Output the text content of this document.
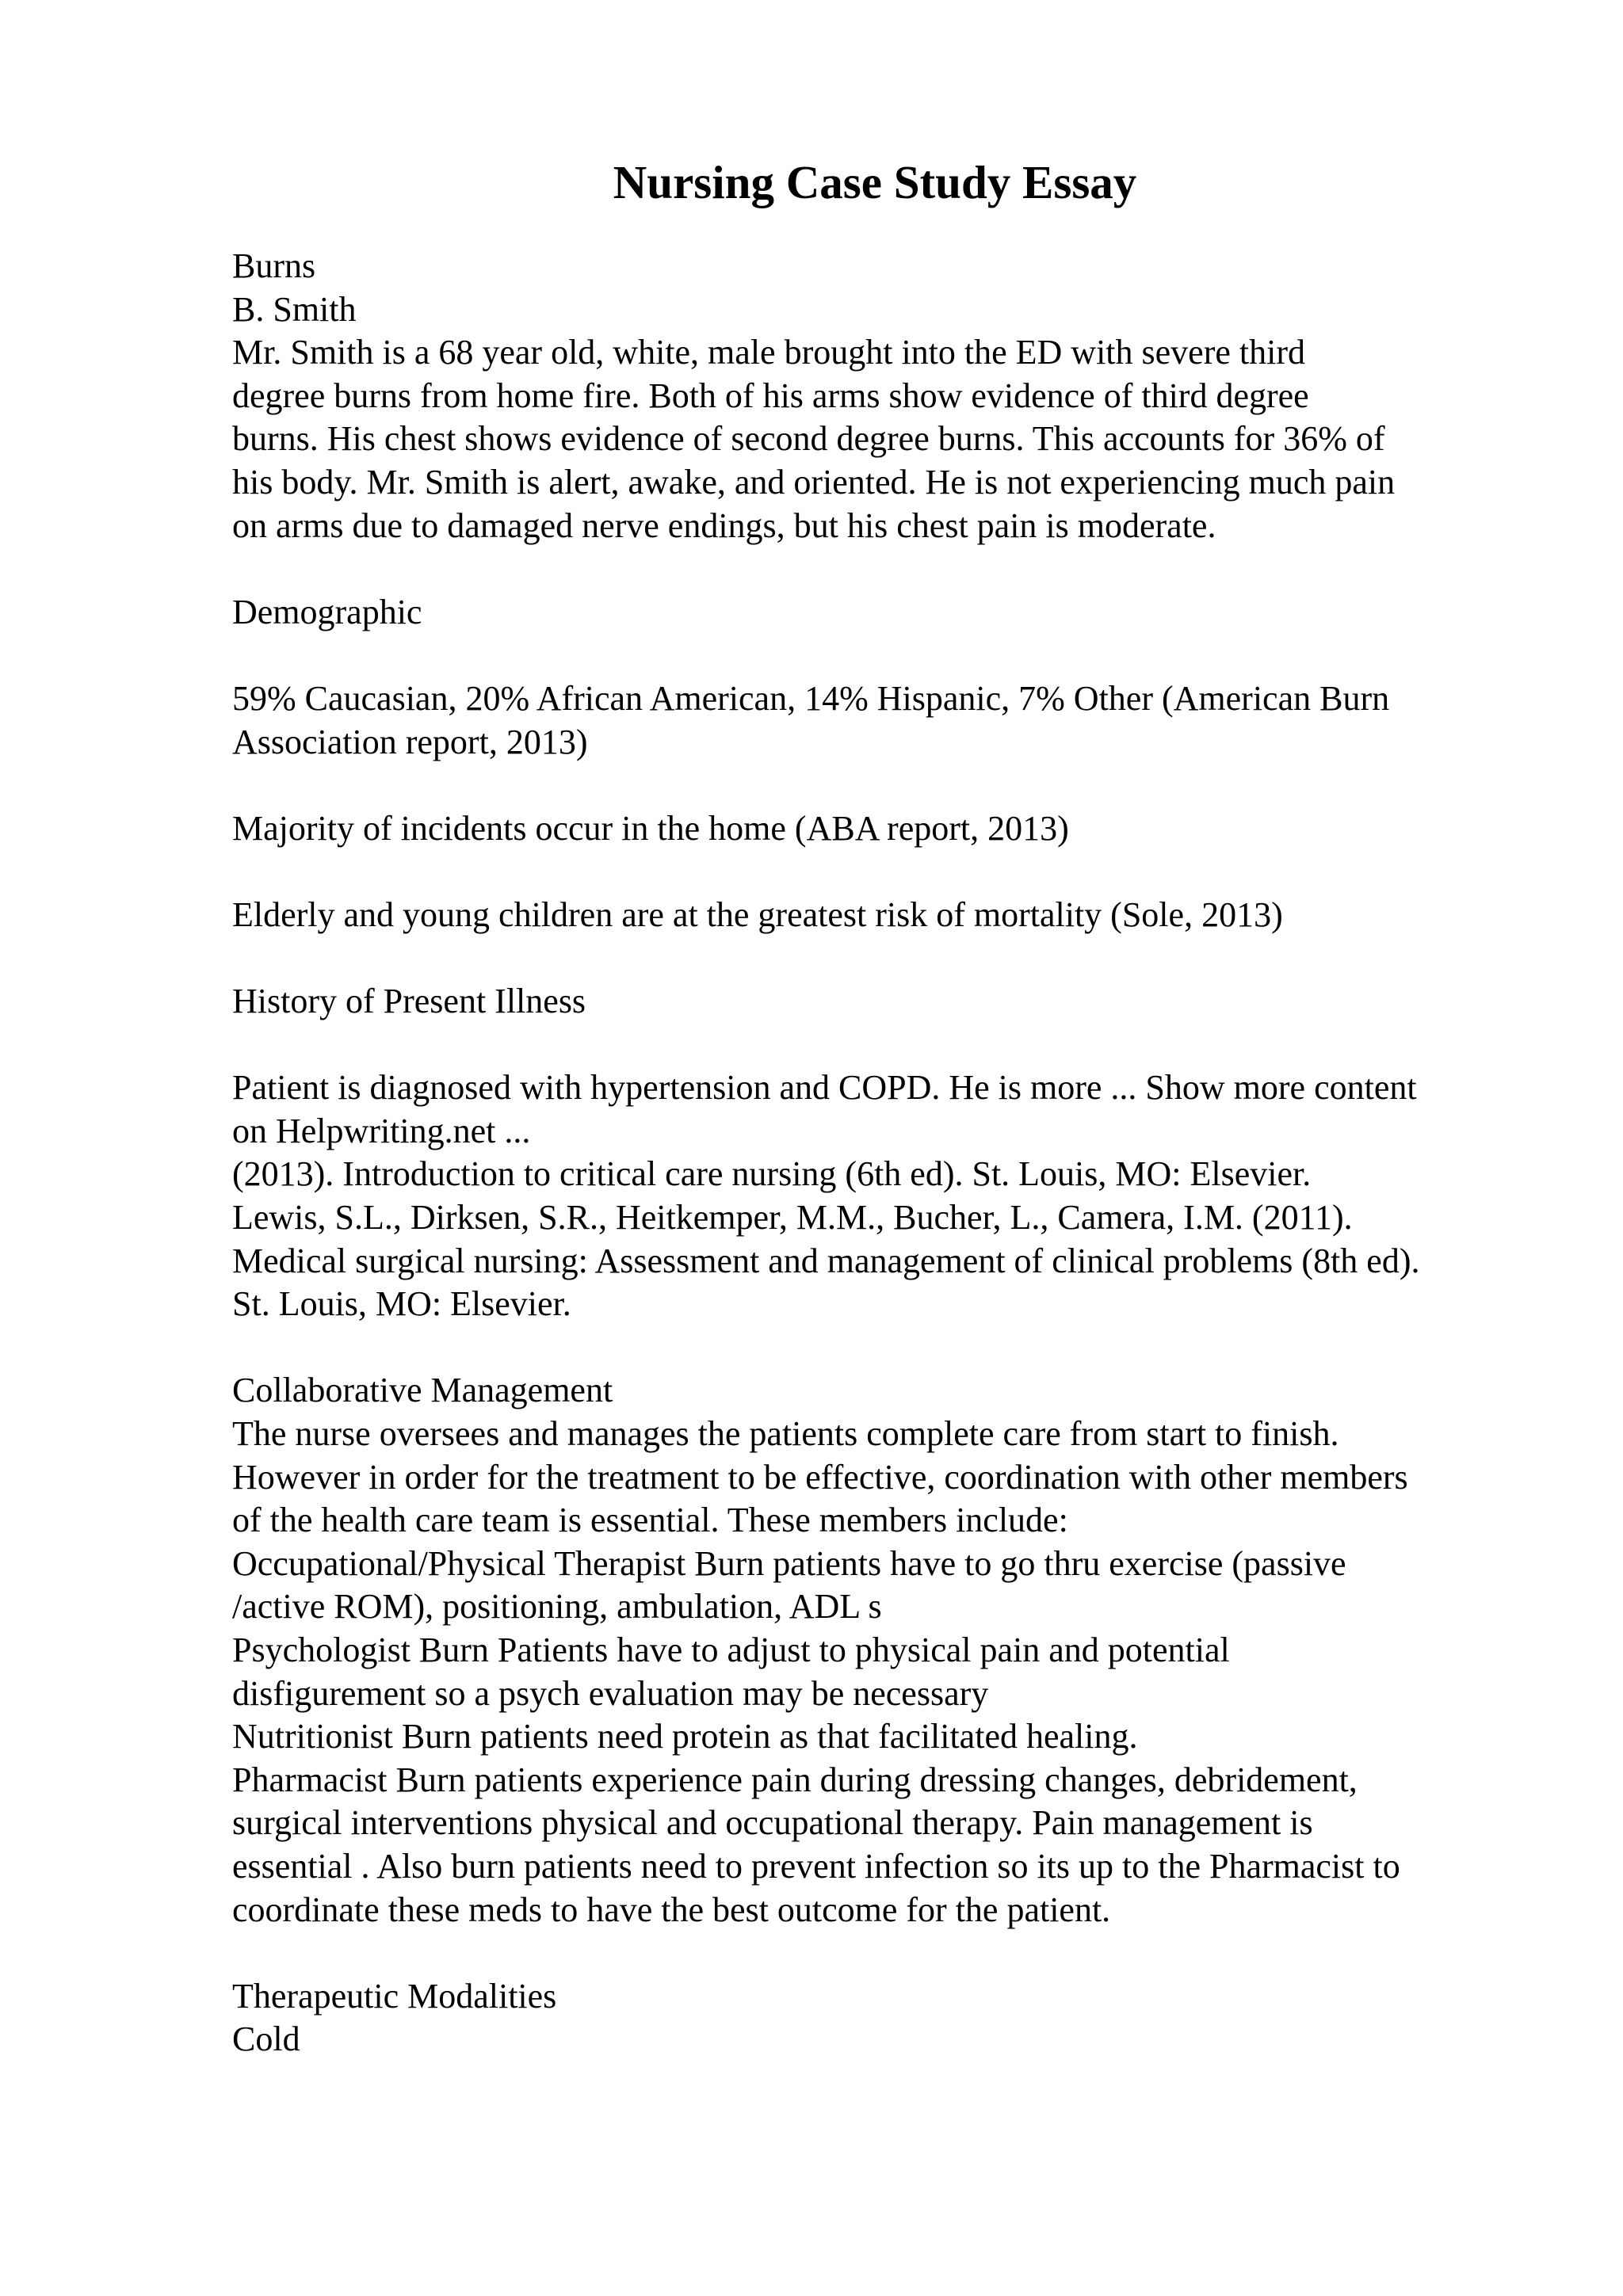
Nursing Case Study Essay
Burns
B. Smith
Mr. Smith is a 68 year old, white, male brought into the ED with severe third
degree burns from home fire. Both of his arms show evidence of third degree
burns. His chest shows evidence of second degree burns. This accounts for 36% of
his body. Mr. Smith is alert, awake, and oriented. He is not experiencing much pain
on arms due to damaged nerve endings, but his chest pain is moderate.
Demographic
59% Caucasian, 20% African American, 14% Hispanic, 7% Other (American Burn
Association report, 2013)
Majority of incidents occur in the home (ABA report, 2013)
Elderly and young children are at the greatest risk of mortality (Sole, 2013)
History of Present Illness
Patient is diagnosed with hypertension and COPD. He is more ... Show more content
on Helpwriting.net ...
(2013). Introduction to critical care nursing (6th ed). St. Louis, MO: Elsevier.
Lewis, S.L., Dirksen, S.R., Heitkemper, M.M., Bucher, L., Camera, I.M. (2011).
Medical surgical nursing: Assessment and management of clinical problems (8th ed).
St. Louis, MO: Elsevier.
Collaborative Management
The nurse oversees and manages the patients complete care from start to finish.
However in order for the treatment to be effective, coordination with other members
of the health care team is essential. These members include:
Occupational/Physical Therapist Burn patients have to go thru exercise (passive
/active ROM), positioning, ambulation, ADL s
Psychologist Burn Patients have to adjust to physical pain and potential
disfigurement so a psych evaluation may be necessary
Nutritionist Burn patients need protein as that facilitated healing.
Pharmacist Burn patients experience pain during dressing changes, debridement,
surgical interventions physical and occupational therapy. Pain management is
essential . Also burn patients need to prevent infection so its up to the Pharmacist to
coordinate these meds to have the best outcome for the patient.
Therapeutic Modalities
Cold
